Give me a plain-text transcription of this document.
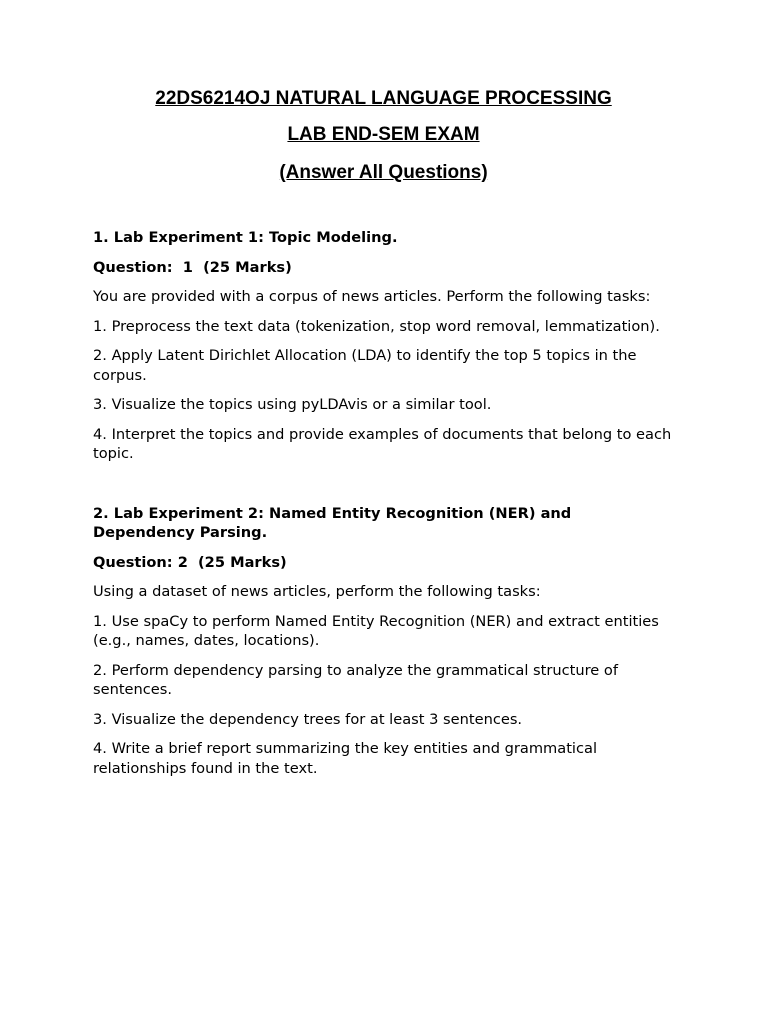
22DS6214OJ NATURAL LANGUAGE PROCESSING

LAB END-SEM EXAM

(Answer All Questions)

1. Lab Experiment 1: Topic Modeling.

Question:  1  (25 Marks)

You are provided with a corpus of news articles. Perform the following tasks:

1. Preprocess the text data (tokenization, stop word removal, lemmatization).

2. Apply Latent Dirichlet Allocation (LDA) to identify the top 5 topics in the corpus.

3. Visualize the topics using pyLDAvis or a similar tool.

4. Interpret the topics and provide examples of documents that belong to each topic.

2. Lab Experiment 2: Named Entity Recognition (NER) and Dependency Parsing.

Question: 2  (25 Marks)

Using a dataset of news articles, perform the following tasks:

1. Use spaCy to perform Named Entity Recognition (NER) and extract entities (e.g., names, dates, locations).

2. Perform dependency parsing to analyze the grammatical structure of sentences.

3. Visualize the dependency trees for at least 3 sentences.

4. Write a brief report summarizing the key entities and grammatical relationships found in the text.
